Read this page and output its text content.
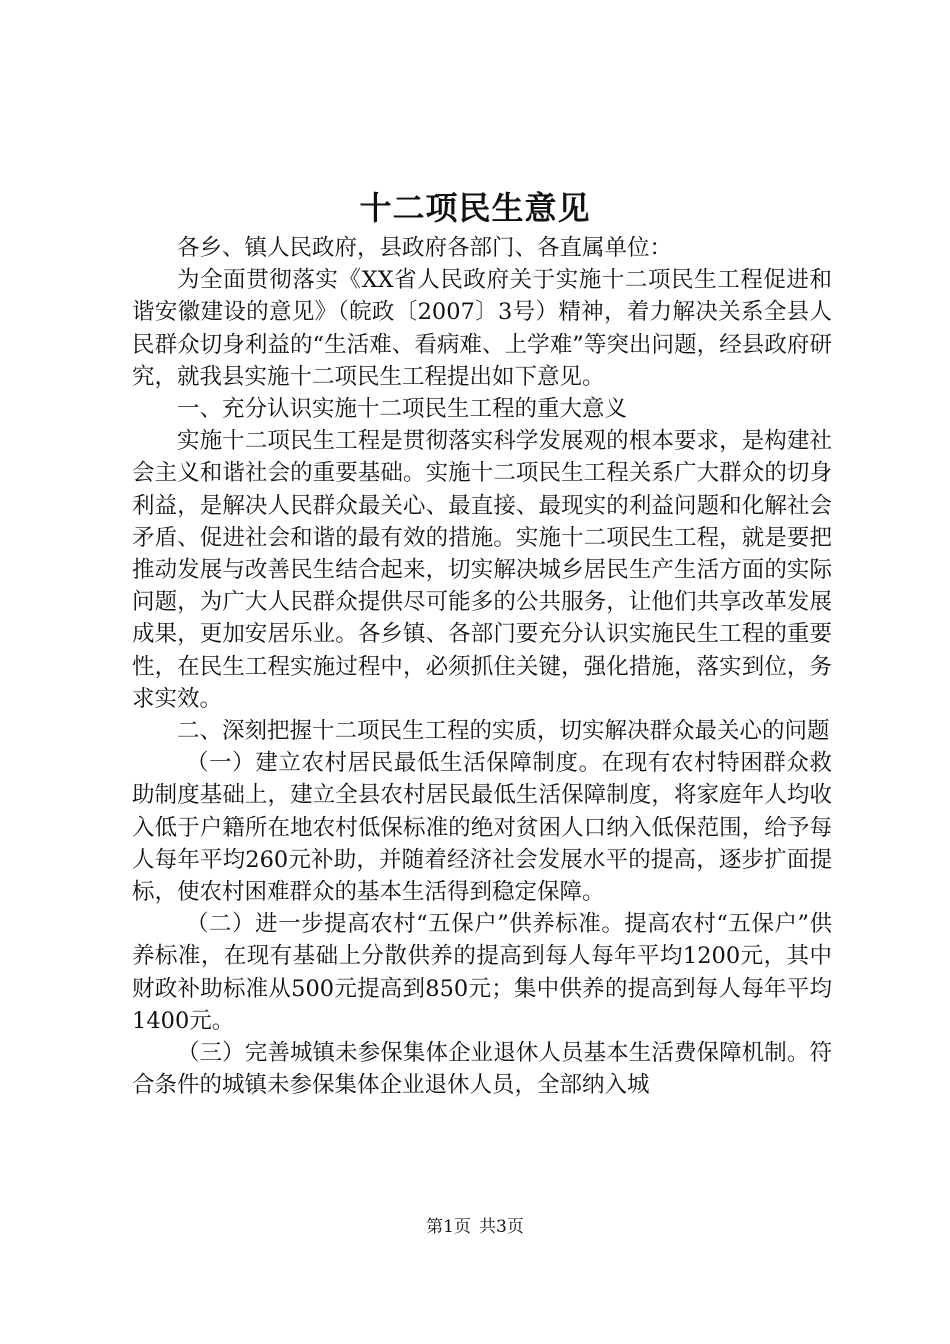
十二项民生意见

各乡、镇人民政府，县政府各部门、各直属单位：

为全面贯彻落实《XX省人民政府关于实施十二项民生工程促进和谐安徽建设的意见》（皖政〔2007〕3号）精神，着力解决关系全县人民群众切身利益的“生活难、看病难、上学难”等突出问题，经县政府研究，就我县实施十二项民生工程提出如下意见。

一、充分认识实施十二项民生工程的重大意义

实施十二项民生工程是贯彻落实科学发展观的根本要求，是构建社会主义和谐社会的重要基础。实施十二项民生工程关系广大群众的切身利益，是解决人民群众最关心、最直接、最现实的利益问题和化解社会矛盾、促进社会和谐的最有效的措施。实施十二项民生工程，就是要把推动发展与改善民生结合起来，切实解决城乡居民生产生活方面的实际问题，为广大人民群众提供尽可能多的公共服务，让他们共享改革发展成果，更加安居乐业。各乡镇、各部门要充分认识实施民生工程的重要性，在民生工程实施过程中，必须抓住关键，强化措施，落实到位，务求实效。

二、深刻把握十二项民生工程的实质，切实解决群众最关心的问题

（一）建立农村居民最低生活保障制度。在现有农村特困群众救助制度基础上，建立全县农村居民最低生活保障制度，将家庭年人均收入低于户籍所在地农村低保标准的绝对贫困人口纳入低保范围，给予每人每年平均260元补助，并随着经济社会发展水平的提高，逐步扩面提标，使农村困难群众的基本生活得到稳定保障。

（二）进一步提高农村“五保户”供养标准。提高农村“五保户”供养标准，在现有基础上分散供养的提高到每人每年平均1200元，其中财政补助标准从500元提高到850元；集中供养的提高到每人每年平均1400元。

（三）完善城镇未参保集体企业退休人员基本生活费保障机制。符合条件的城镇未参保集体企业退休人员，全部纳入城

第1页 共3页
